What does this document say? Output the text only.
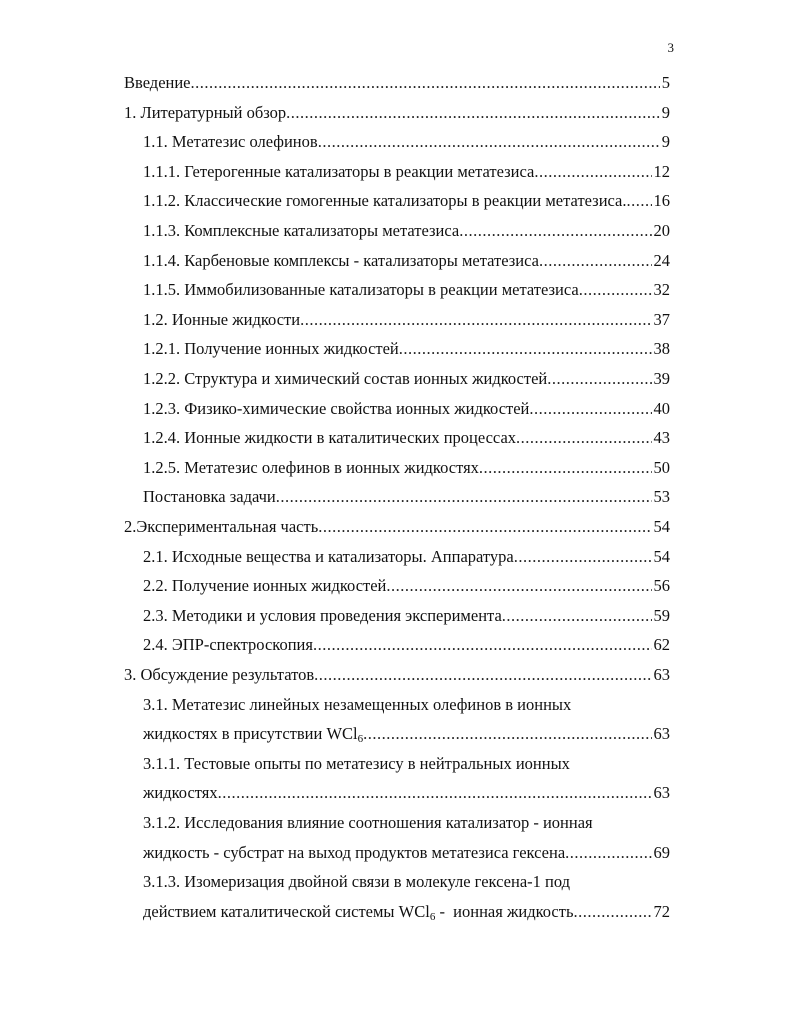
3
Введение .....	5
1. Литературный обзор .....	9
1.1. Метатезис олефинов .....	9
1.1.1. Гетерогенные катализаторы в реакции метатезиса .....	12
1.1.2. Классические гомогенные катализаторы в реакции метатезиса. ..... 16
1.1.3. Комплексные катализаторы метатезиса .....	20
1.1.4. Карбеновые комплексы - катализаторы метатезиса .....	24
1.1.5. Иммобилизованные катализаторы в реакции метатезиса .....	32
1.2. Ионные жидкости .....	37
1.2.1. Получение ионных жидкостей .....	38
1.2.2. Структура и химический состав ионных жидкостей .....	39
1.2.3. Физико-химические свойства ионных жидкостей .....	40
1.2.4. Ионные жидкости в каталитических процессах .....	43
1.2.5. Метатезис олефинов в ионных жидкостях .....	50
Постановка задачи .....	53
2.Экспериментальная часть .....	54
2.1. Исходные вещества и катализаторы. Аппаратура .....	54
2.2. Получение ионных жидкостей .....	56
2.3. Методики и условия проведения эксперимента .....	59
2.4. ЭПР-спектроскопия .....	62
3. Обсуждение результатов .....	63
3.1. Метатезис линейных незамещенных олефинов в ионных
жидкостях в присутствии WCl$_6$ .....	63
3.1.1. Тестовые опыты по метатезису в нейтральных ионных
жидкостях .....	63
3.1.2. Исследования влияние соотношения катализатор - ионная
жидкость - субстрат на выход продуктов метатезиса гексена .....	69
3.1.3. Изомеризация двойной связи в молекуле гексена-1 под
действием каталитической системы WCl$_6$ -  ионная жидкость .....	72
